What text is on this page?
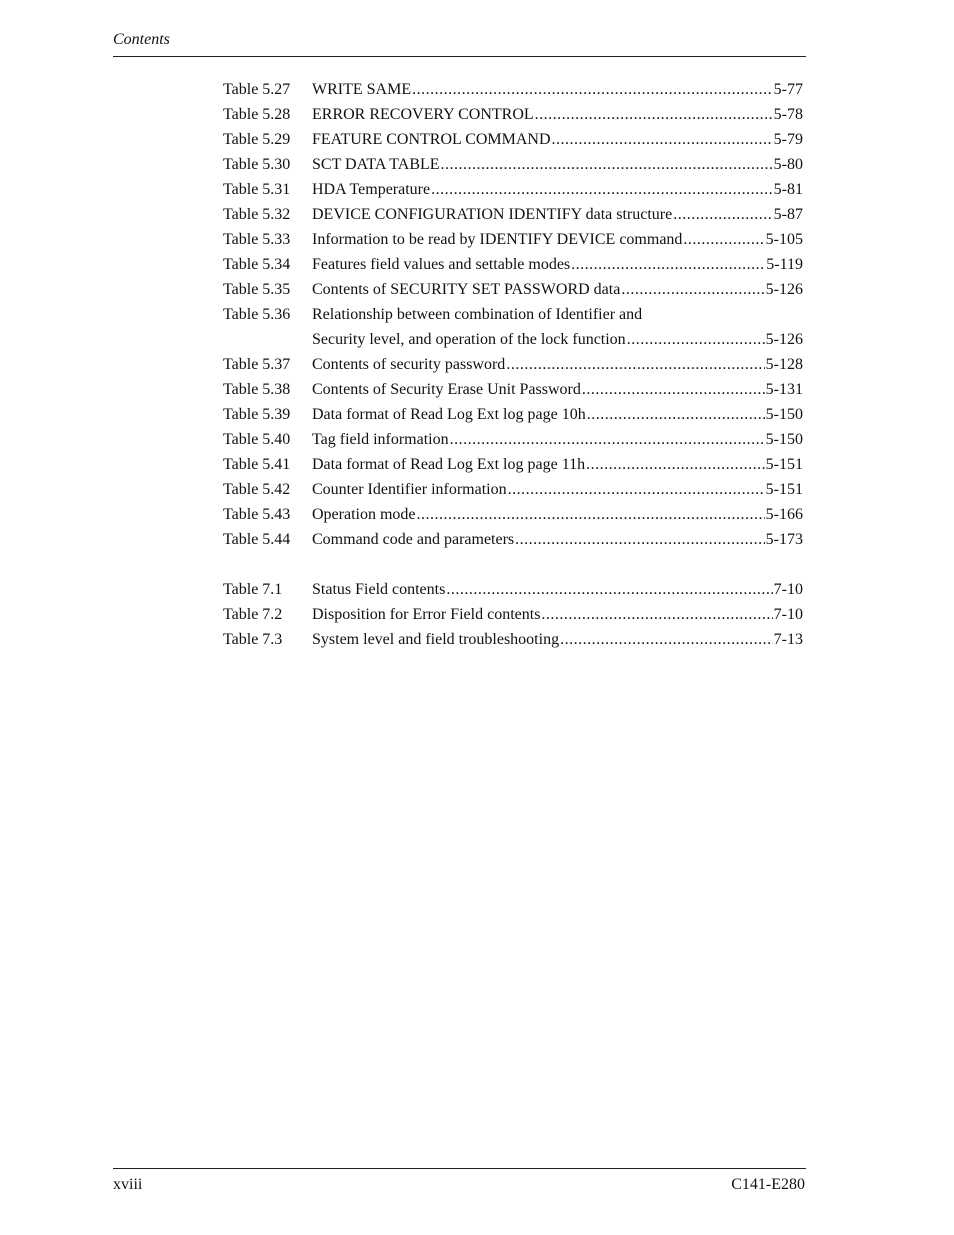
Contents
Table 5.27	WRITE SAME .....	5-77
Table 5.28	ERROR RECOVERY CONTROL .....	5-78
Table 5.29	FEATURE CONTROL COMMAND .....	5-79
Table 5.30	SCT DATA TABLE .....	5-80
Table 5.31	HDA Temperature .....	5-81
Table 5.32	DEVICE CONFIGURATION IDENTIFY data structure .....	5-87
Table 5.33	Information to be read by IDENTIFY DEVICE command .....	5-105
Table 5.34	Features field values and settable modes .....	5-119
Table 5.35	Contents of SECURITY SET PASSWORD data .....	5-126
Table 5.36	Relationship between combination of Identifier and
Security level, and operation of the lock function .....	5-126
Table 5.37	Contents of security password .....	5-128
Table 5.38	Contents of Security Erase Unit Password .....	5-131
Table 5.39	Data format of Read Log Ext log page 10h .....	5-150
Table 5.40	Tag field information .....	5-150
Table 5.41	Data format of Read Log Ext log page 11h .....	5-151
Table 5.42	Counter Identifier information .....	5-151
Table 5.43	Operation mode .....	5-166
Table 5.44	Command code and parameters .....	5-173
Table 7.1	Status Field contents .....	7-10
Table 7.2	Disposition for Error Field contents .....	7-10
Table 7.3	System level and field troubleshooting .....	7-13
xviii	C141-E280
